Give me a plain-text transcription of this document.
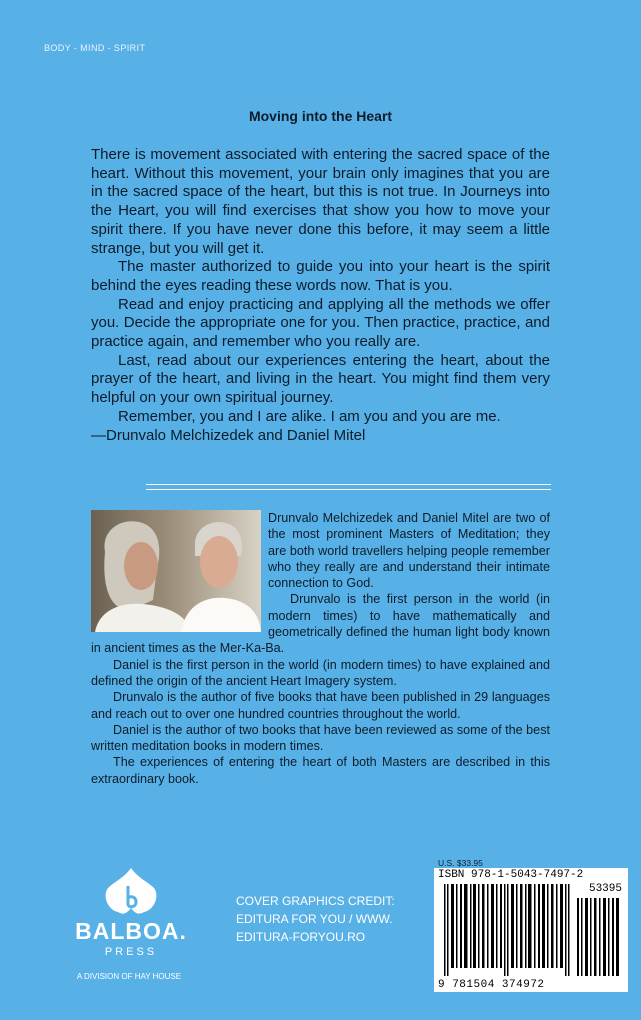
BODY - MIND - SPIRIT
Moving into the Heart

There is movement associated with entering the sacred space of the heart. Without this movement, your brain only imagines that you are in the sacred space of the heart, but this is not true. In Journeys into the Heart, you will find exercises that show you how to move your spirit there. If you have never done this before, it may seem a little strange, but you will get it.

The master authorized to guide you into your heart is the spirit behind the eyes reading these words now. That is you.

Read and enjoy practicing and applying all the methods we offer you. Decide the appropriate one for you. Then practice, practice, and practice again, and remember who you really are.

Last, read about our experiences entering the heart, about the prayer of the heart, and living in the heart. You might find them very helpful on your own spiritual journey.

Remember, you and I are alike. I am you and you are me.

—Drunvalo Melchizedek and Daniel Mitel

Drunvalo Melchizedek and Daniel Mitel are two of the most prominent Masters of Meditation; they are both world travellers helping people remember who they really are and understand their intimate connection to God.

Drunvalo is the first person in the world (in modern times) to have mathematically and geometrically defined the human light body known in ancient times as the Mer-Ka-Ba.

Daniel is the first person in the world (in modern times) to have explained and defined the origin of the ancient Heart Imagery system.

Drunvalo is the author of five books that have been published in 29 languages and reach out to over one hundred countries throughout the world.

Daniel is the author of two books that have been reviewed as some of the best written meditation books in modern times.

The experiences of entering the heart of both Masters are described in this extraordinary book.

BALBOA.
PRESS
A DIVISION OF HAY HOUSE
COVER GRAPHICS CREDIT:
EDITURA FOR YOU / WWW.
EDITURA-FORYOU.RO
U.S. $33.95
ISBN 978-1-5043-7497-2
53395
9 781504 374972
